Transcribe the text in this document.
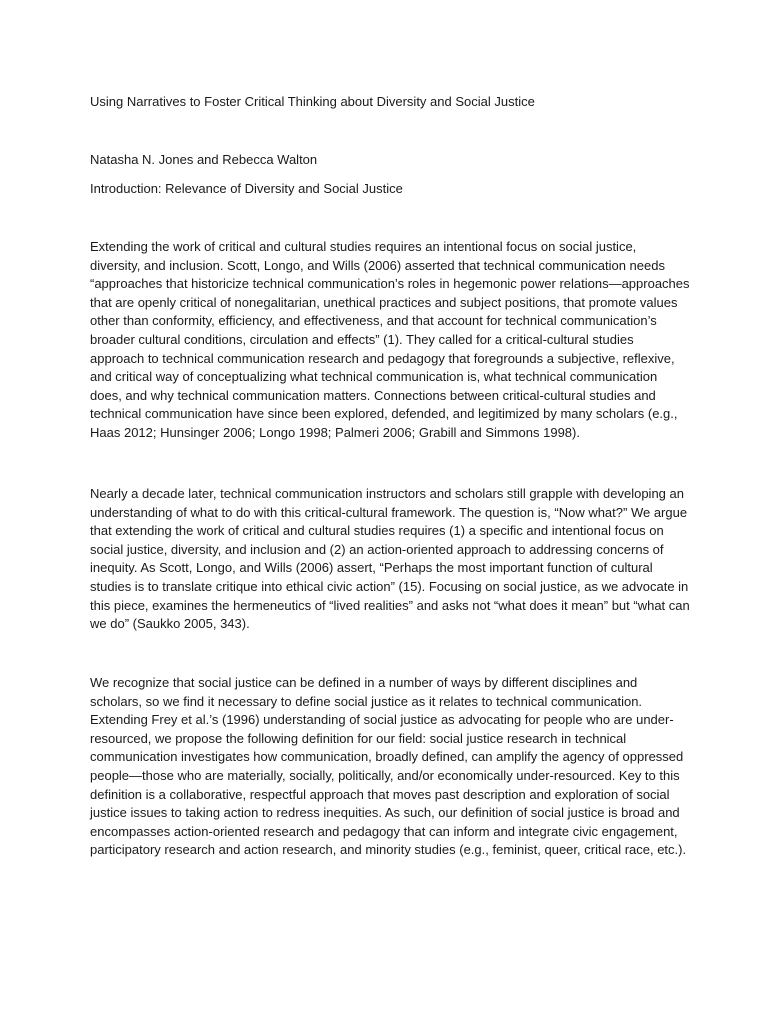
Using Narratives to Foster Critical Thinking about Diversity and Social Justice

Natasha N. Jones and Rebecca Walton

Introduction: Relevance of Diversity and Social Justice

Extending the work of critical and cultural studies requires an intentional focus on social justice, diversity, and inclusion. Scott, Longo, and Wills (2006) asserted that technical communication needs “approaches that historicize technical communication’s roles in hegemonic power relations—approaches that are openly critical of nonegalitarian, unethical practices and subject positions, that promote values other than conformity, efficiency, and effectiveness, and that account for technical communication’s broader cultural conditions, circulation and effects” (1). They called for a critical-cultural studies approach to technical communication research and pedagogy that foregrounds a subjective, reflexive, and critical way of conceptualizing what technical communication is, what technical communication does, and why technical communication matters. Connections between critical-cultural studies and technical communication have since been explored, defended, and legitimized by many scholars (e.g., Haas 2012; Hunsinger 2006; Longo 1998; Palmeri 2006; Grabill and Simmons 1998).

Nearly a decade later, technical communication instructors and scholars still grapple with developing an understanding of what to do with this critical-cultural framework. The question is, “Now what?” We argue that extending the work of critical and cultural studies requires (1) a specific and intentional focus on social justice, diversity, and inclusion and (2) an action-oriented approach to addressing concerns of inequity. As Scott, Longo, and Wills (2006) assert, “Perhaps the most important function of cultural studies is to translate critique into ethical civic action” (15). Focusing on social justice, as we advocate in this piece, examines the hermeneutics of “lived realities” and asks not “what does it mean” but “what can we do” (Saukko 2005, 343).

We recognize that social justice can be defined in a number of ways by different disciplines and scholars, so we find it necessary to define social justice as it relates to technical communication. Extending Frey et al.’s (1996) understanding of social justice as advocating for people who are under-resourced, we propose the following definition for our field: social justice research in technical communication investigates how communication, broadly defined, can amplify the agency of oppressed people—those who are materially, socially, politically, and/or economically under-resourced. Key to this definition is a collaborative, respectful approach that moves past description and exploration of social justice issues to taking action to redress inequities. As such, our definition of social justice is broad and encompasses action-oriented research and pedagogy that can inform and integrate civic engagement, participatory research and action research, and minority studies (e.g., feminist, queer, critical race, etc.).
